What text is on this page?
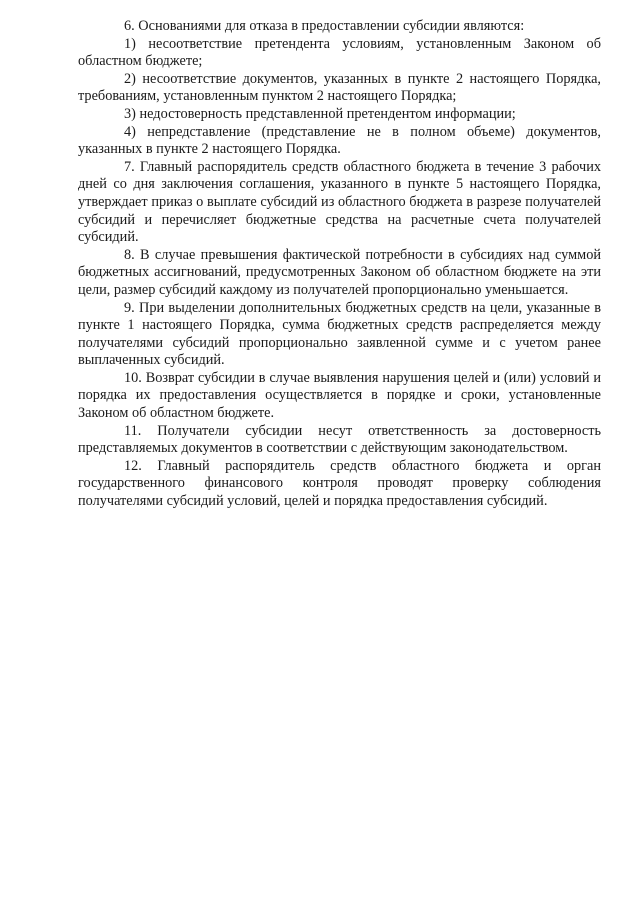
6. Основаниями для отказа в предоставлении субсидии являются:

1) несоответствие претендента условиям, установленным Законом об областном бюджете;

2) несоответствие документов, указанных в пункте 2 настоящего Порядка, требованиям, установленным пунктом 2 настоящего Порядка;

3) недостоверность представленной претендентом информации;

4) непредставление (представление не в полном объеме) документов, указанных в пункте 2 настоящего Порядка.

7. Главный распорядитель средств областного бюджета в течение 3 рабочих дней со дня заключения соглашения, указанного в пункте 5 настоящего Порядка, утверждает приказ о выплате субсидий из областного бюджета в разрезе получателей субсидий и перечисляет бюджетные средства на расчетные счета получателей субсидий.

8. В случае превышения фактической потребности в субсидиях над суммой бюджетных ассигнований, предусмотренных Законом об областном бюджете на эти цели, размер субсидий каждому из получателей пропорционально уменьшается.

9. При выделении дополнительных бюджетных средств на цели, указанные в пункте 1 настоящего Порядка, сумма бюджетных средств распределяется между получателями субсидий пропорционально заявленной сумме и с учетом ранее выплаченных субсидий.

10. Возврат субсидии в случае выявления нарушения целей и (или) условий и порядка их предоставления осуществляется в порядке и сроки, установленные Законом об областном бюджете.

11. Получатели субсидии несут ответственность за достоверность представляемых документов в соответствии с действующим законодательством.

12. Главный распорядитель средств областного бюджета и орган государственного финансового контроля проводят проверку соблюдения получателями субсидий условий, целей и порядка предоставления субсидий.
